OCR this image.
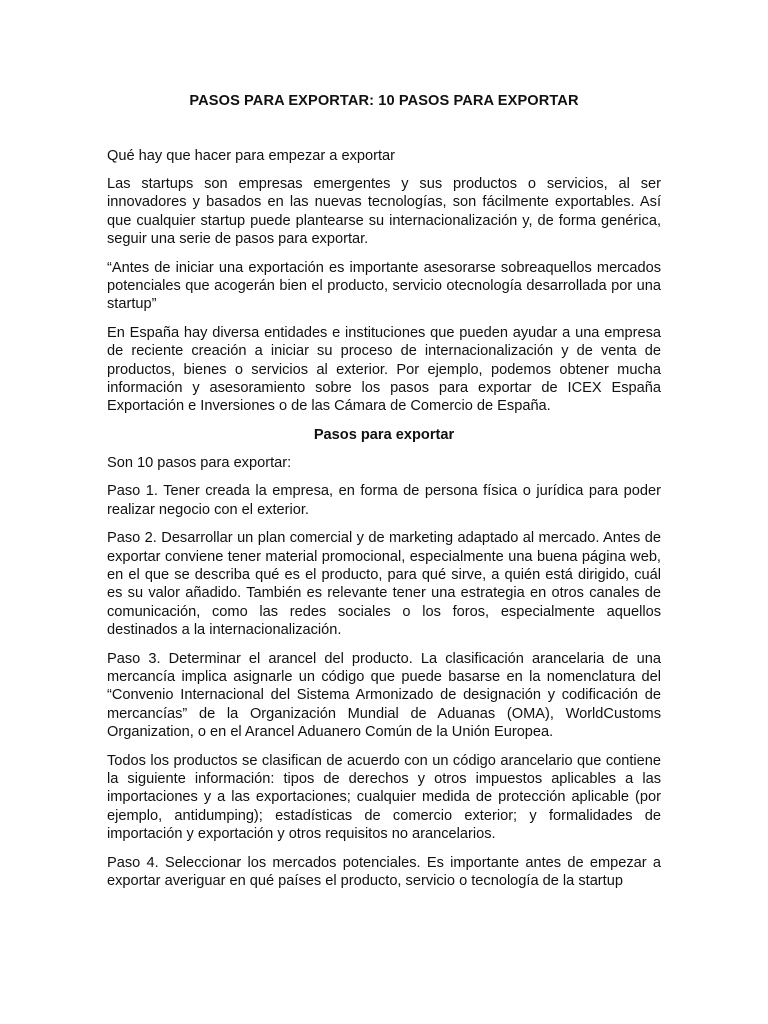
PASOS PARA EXPORTAR: 10 PASOS PARA EXPORTAR

Qué hay que hacer para empezar a exportar

Las startups son empresas emergentes y sus productos o servicios, al ser innovadores y basados en las nuevas tecnologías, son fácilmente exportables. Así que cualquier startup puede plantearse su internacionalización y, de forma genérica, seguir una serie de pasos para exportar.

“Antes de iniciar una exportación es importante asesorarse sobreaquellos mercados potenciales que acogerán bien el producto, servicio otecnología desarrollada por una startup”

En España hay diversa entidades e instituciones que pueden ayudar a una empresa de reciente creación a iniciar su proceso de internacionalización y de venta de productos, bienes o servicios al exterior. Por ejemplo, podemos obtener mucha información y asesoramiento sobre los pasos para exportar de ICEX España Exportación e Inversiones o de las Cámara de Comercio de España.

Pasos para exportar

Son 10 pasos para exportar:

Paso 1. Tener creada la empresa, en forma de persona física o jurídica para poder realizar negocio con el exterior.

Paso 2. Desarrollar un plan comercial y de marketing adaptado al mercado. Antes de exportar conviene tener material promocional, especialmente una buena página web, en el que se describa qué es el producto, para qué sirve, a quién está dirigido, cuál es su valor añadido. También es relevante tener una estrategia en otros canales de comunicación, como las redes sociales o los foros, especialmente aquellos destinados a la internacionalización.

Paso 3. Determinar el arancel del producto. La clasificación arancelaria de una mercancía implica asignarle un código que puede basarse en la nomenclatura del “Convenio Internacional del Sistema Armonizado de designación y codificación de mercancías” de la Organización Mundial de Aduanas (OMA), WorldCustoms Organization, o en el Arancel Aduanero Común de la Unión Europea.

Todos los productos se clasifican de acuerdo con un código arancelario que contiene la siguiente información: tipos de derechos y otros impuestos aplicables a las importaciones y a las exportaciones; cualquier medida de protección aplicable (por ejemplo, antidumping); estadísticas de comercio exterior; y formalidades de importación y exportación y otros requisitos no arancelarios.

Paso 4. Seleccionar los mercados potenciales. Es importante antes de empezar a exportar averiguar en qué países el producto, servicio o tecnología de la startup
